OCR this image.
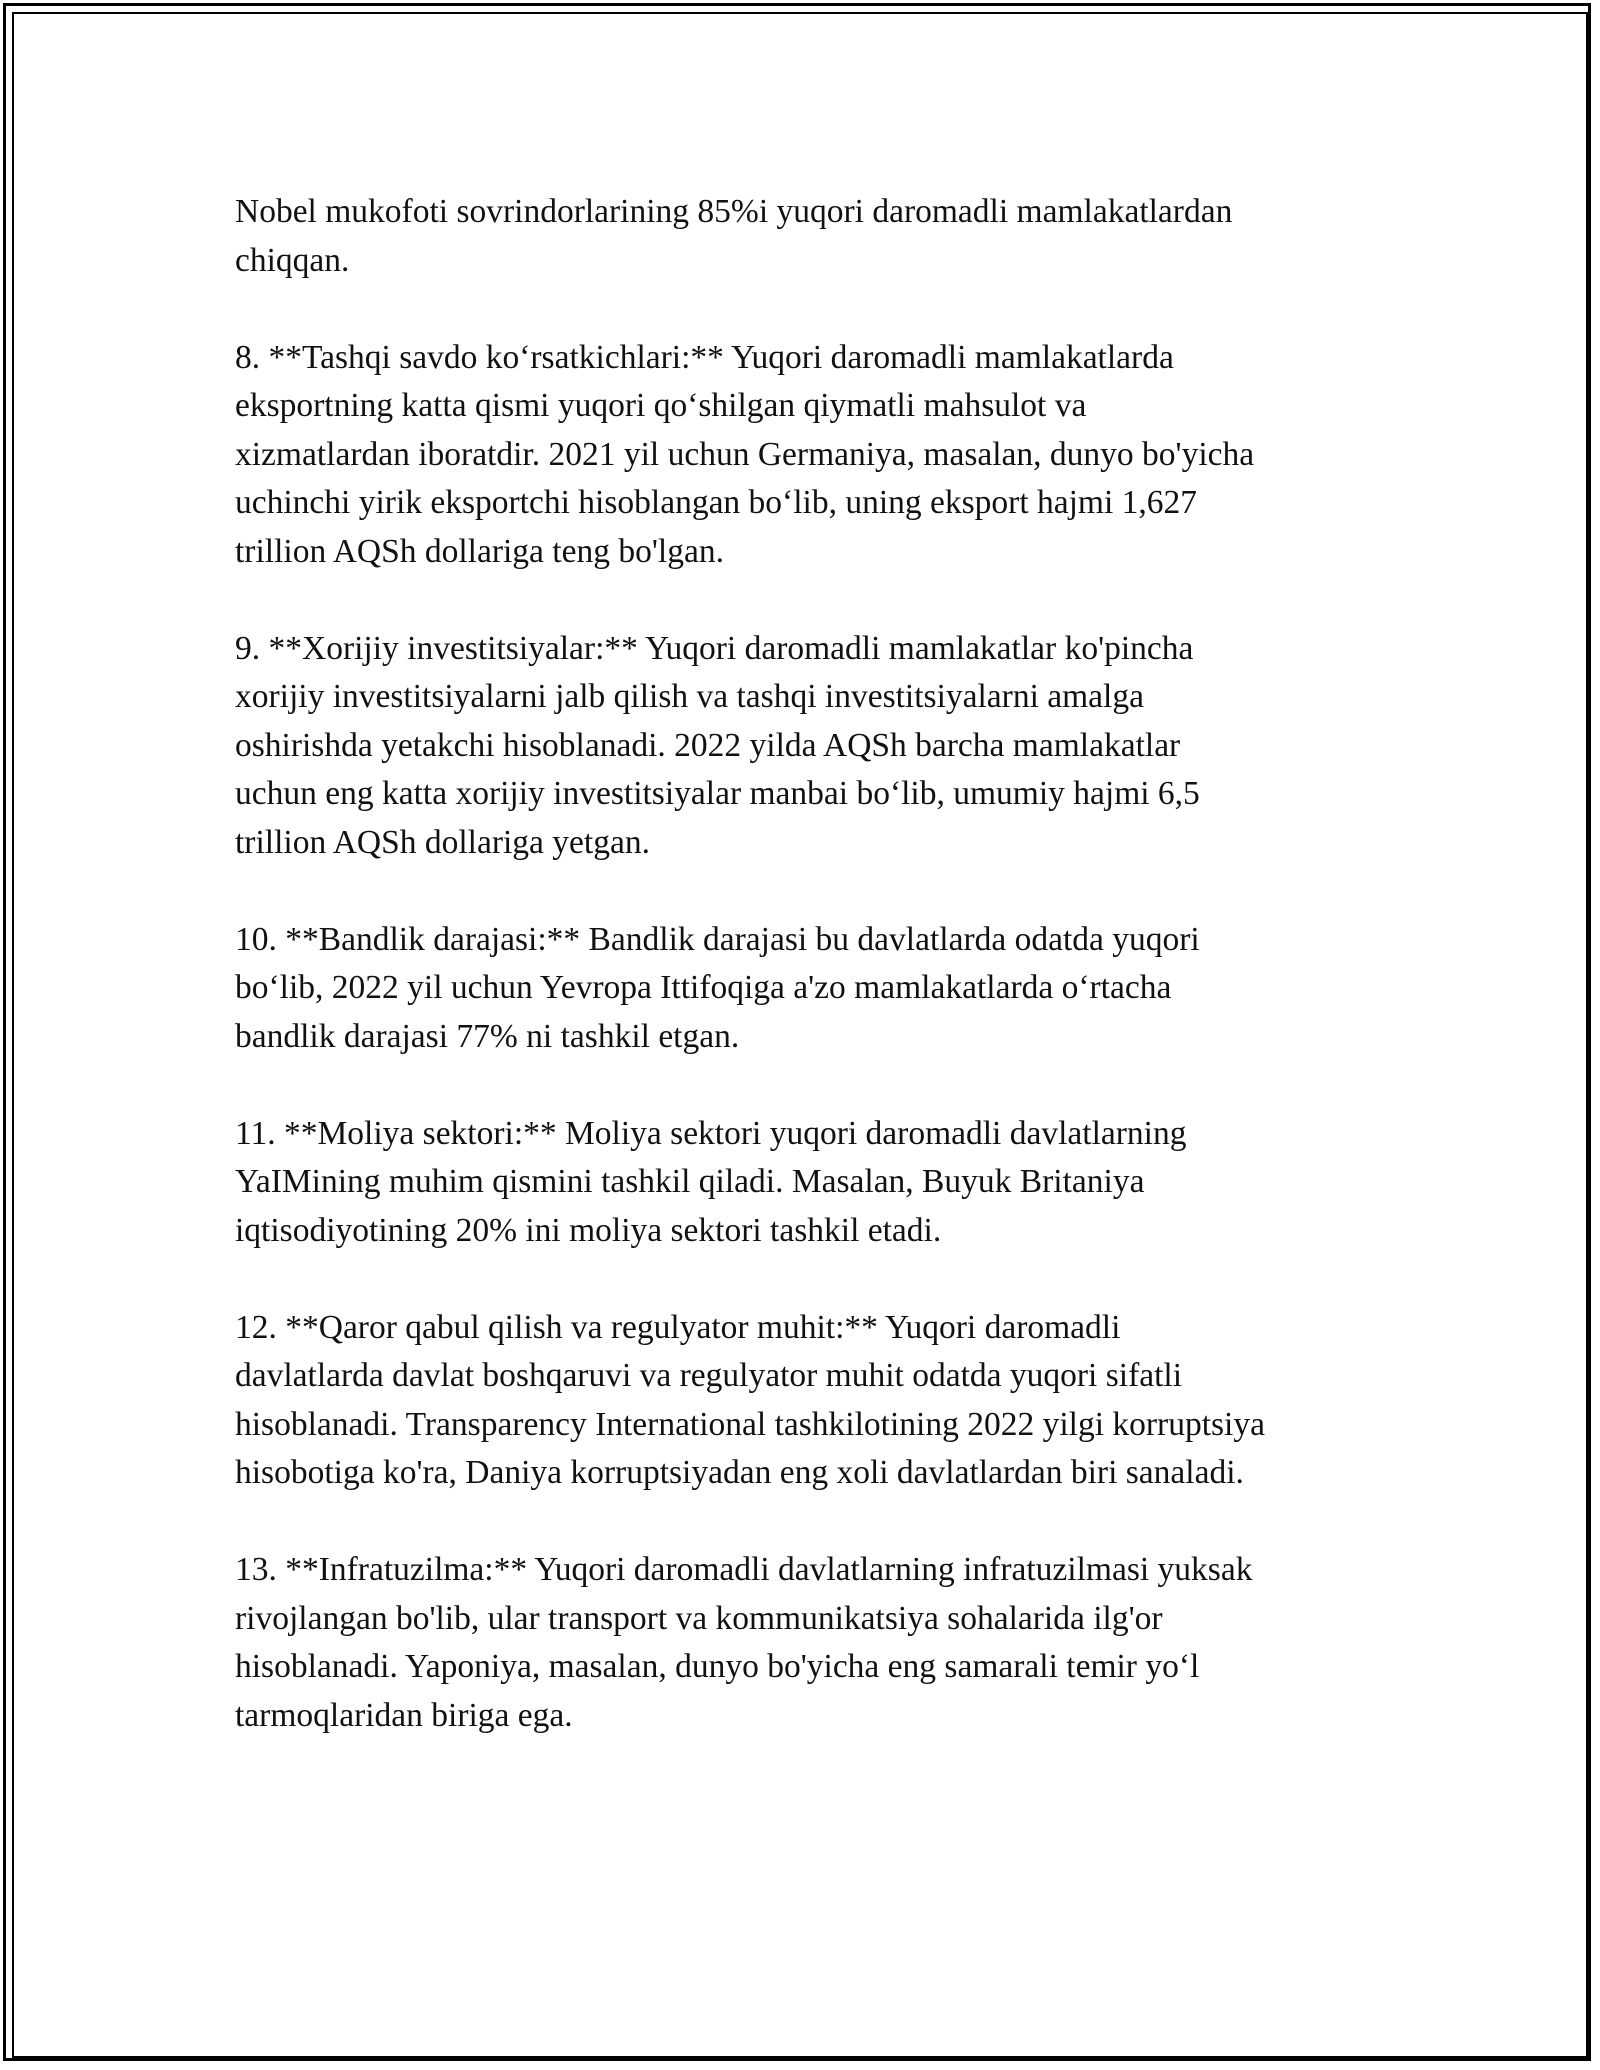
Nobel mukofoti sovrindorlarining 85%i yuqori daromadli mamlakatlardan
chiqqan.

8. **Tashqi savdo koʻrsatkichlari:** Yuqori daromadli mamlakatlarda
eksportning katta qismi yuqori qoʻshilgan qiymatli mahsulot va
xizmatlardan iboratdir. 2021 yil uchun Germaniya, masalan, dunyo bo'yicha
uchinchi yirik eksportchi hisoblangan boʻlib, uning eksport hajmi 1,627
trillion AQSh dollariga teng bo'lgan.

9. **Xorijiy investitsiyalar:** Yuqori daromadli mamlakatlar ko'pincha
xorijiy investitsiyalarni jalb qilish va tashqi investitsiyalarni amalga
oshirishda yetakchi hisoblanadi. 2022 yilda AQSh barcha mamlakatlar
uchun eng katta xorijiy investitsiyalar manbai boʻlib, umumiy hajmi 6,5
trillion AQSh dollariga yetgan.

10. **Bandlik darajasi:** Bandlik darajasi bu davlatlarda odatda yuqori
boʻlib, 2022 yil uchun Yevropa Ittifoqiga a'zo mamlakatlarda oʻrtacha
bandlik darajasi 77% ni tashkil etgan.

11. **Moliya sektori:** Moliya sektori yuqori daromadli davlatlarning
YaIMining muhim qismini tashkil qiladi. Masalan, Buyuk Britaniya
iqtisodiyotining 20% ini moliya sektori tashkil etadi.

12. **Qaror qabul qilish va regulyator muhit:** Yuqori daromadli
davlatlarda davlat boshqaruvi va regulyator muhit odatda yuqori sifatli
hisoblanadi. Transparency International tashkilotining 2022 yilgi korruptsiya
hisobotiga ko'ra, Daniya korruptsiyadan eng xoli davlatlardan biri sanaladi.

13. **Infratuzilma:** Yuqori daromadli davlatlarning infratuzilmasi yuksak
rivojlangan bo'lib, ular transport va kommunikatsiya sohalarida ilg'or
hisoblanadi. Yaponiya, masalan, dunyo bo'yicha eng samarali temir yoʻl
tarmoqlaridan biriga ega.
